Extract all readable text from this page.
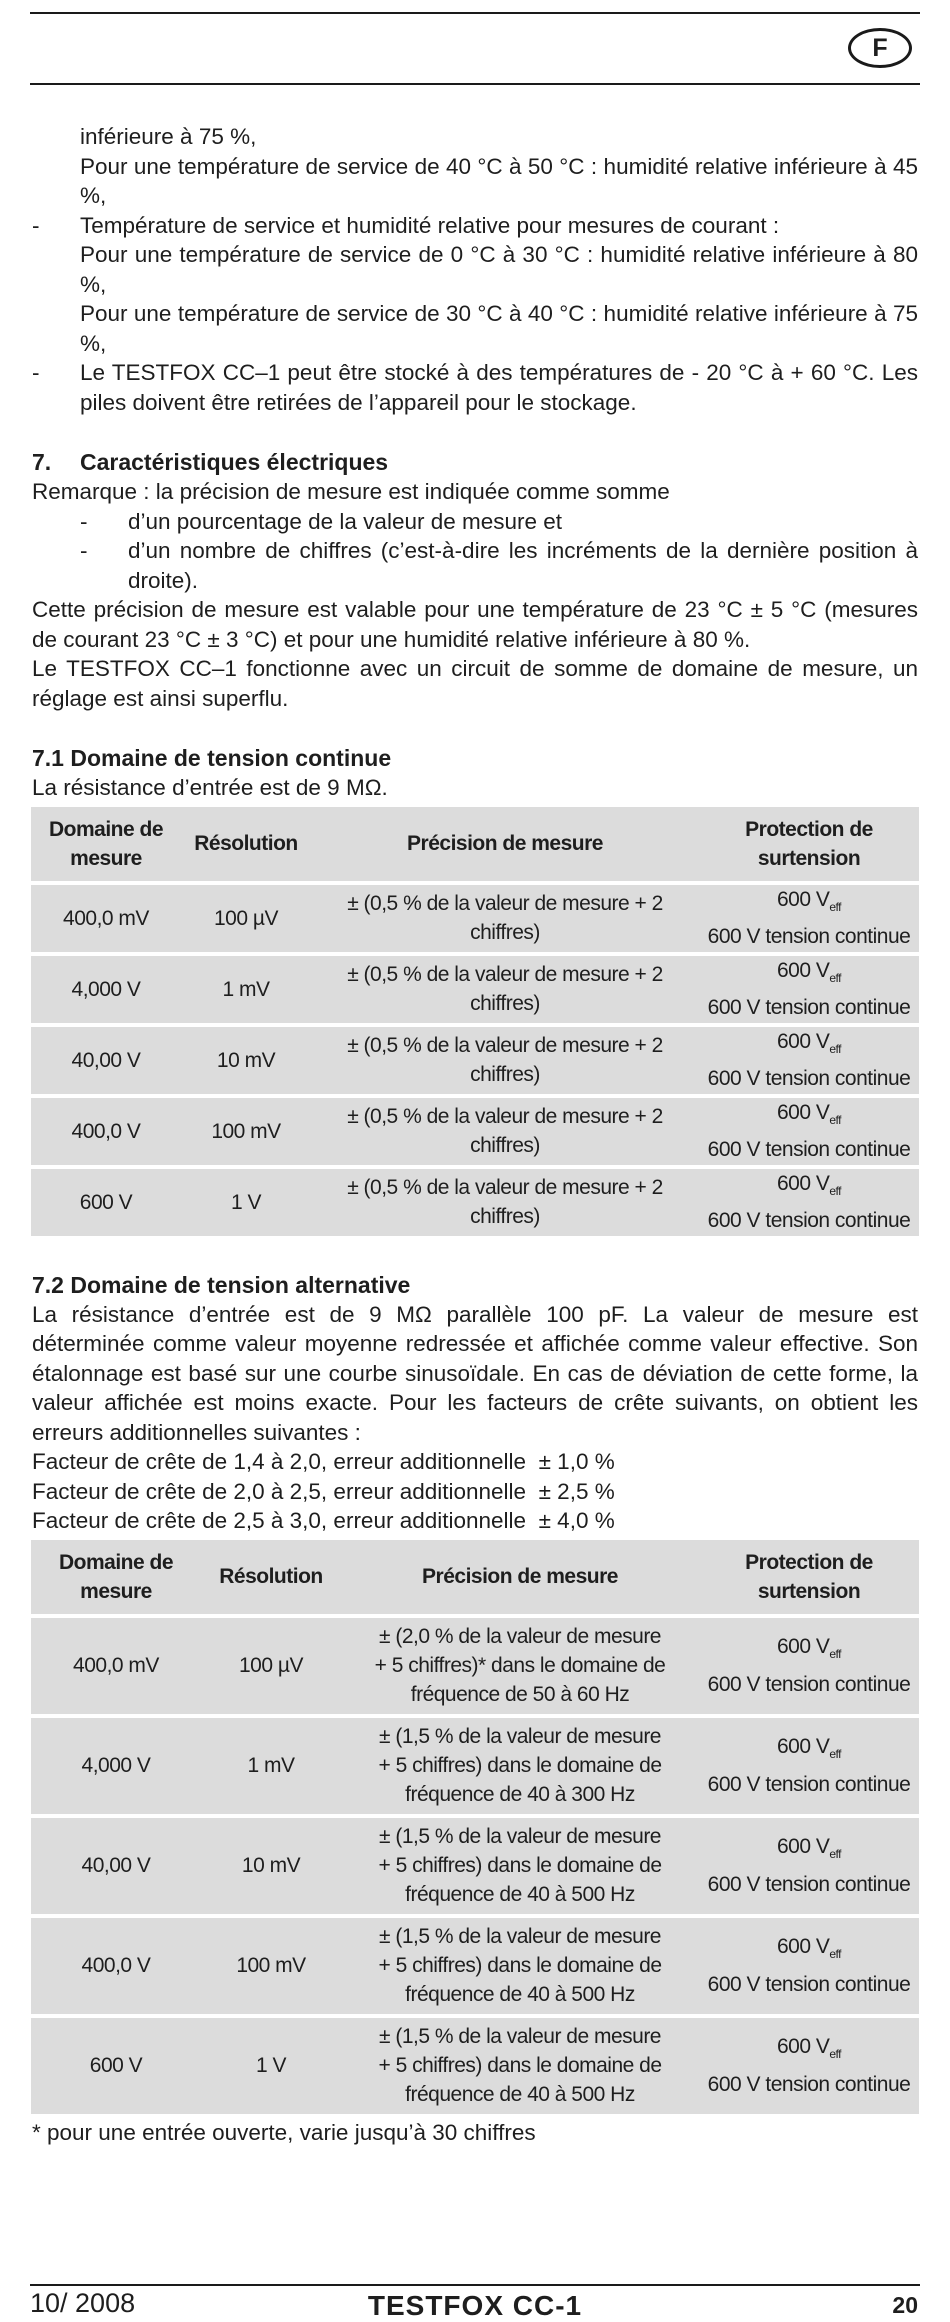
F

inférieure à 75 %,

Pour une température de service de 40 °C à 50 °C : humidité relative inférieure à 45 %,

- Température de service et humidité relative pour mesures de courant :

Pour une température de service de 0 °C à 30 °C : humidité relative inférieure à 80 %,

Pour une température de service de 30 °C à 40 °C : humidité relative inférieure à 75 %,

- Le TESTFOX CC–1 peut être stocké à des températures de - 20 °C à + 60 °C. Les piles doivent être retirées de l’appareil pour le stockage.

7. Caractéristiques électriques

Remarque : la précision de mesure est indiquée comme somme

- d’un pourcentage de la valeur de mesure et

- d’un nombre de chiffres (c’est-à-dire les incréments de la dernière position à droite).

Cette précision de mesure est valable pour une température de 23 °C ± 5 °C (mesures de courant 23 °C ± 3 °C) et pour une humidité relative inférieure à 80 %.

Le TESTFOX CC–1 fonctionne avec un circuit de somme de domaine de mesure, un réglage est ainsi superflu.

7.1 Domaine de tension continue

La résistance d’entrée est de 9 MΩ.

Domaine de mesure	Résolution	Précision de mesure	Protection de surtension
400,0 mV	100 µV	± (0,5 % de la valeur de mesure + 2 chiffres)	600 $V_{eff}$
600 V tension continue
4,000 V	1 mV	± (0,5 % de la valeur de mesure + 2 chiffres)	600 $V_{eff}$
600 V tension continue
40,00 V	10 mV	± (0,5 % de la valeur de mesure + 2 chiffres)	600 $V_{eff}$
600 V tension continue
400,0 V	100 mV	± (0,5 % de la valeur de mesure + 2 chiffres)	600 $V_{eff}$
600 V tension continue
600 V	1 V	± (0,5 % de la valeur de mesure + 2 chiffres)	600 $V_{eff}$
600 V tension continue

7.2 Domaine de tension alternative

La résistance d’entrée est de 9 MΩ parallèle 100 pF. La valeur de mesure est déterminée comme valeur moyenne redressée et affichée comme valeur effective. Son étalonnage est basé sur une courbe sinusoïdale. En cas de déviation de cette forme, la valeur affichée est moins exacte. Pour les facteurs de crête suivants, on obtient les erreurs additionnelles suivantes :

Facteur de crête de 1,4 à 2,0, erreur additionnelle ± 1,0 %

Facteur de crête de 2,0 à 2,5, erreur additionnelle ± 2,5 %

Facteur de crête de 2,5 à 3,0, erreur additionnelle ± 4,0 %

Domaine de mesure	Résolution	Précision de mesure	Protection de surtension
400,0 mV	100 µV	± (2,0 % de la valeur de mesure
+ 5 chiffres)* dans le domaine de
fréquence de 50 à 60 Hz	600 $V_{eff}$
600 V tension continue
4,000 V	1 mV	± (1,5 % de la valeur de mesure
+ 5 chiffres) dans le domaine de
fréquence de 40 à 300 Hz	600 $V_{eff}$
600 V tension continue
40,00 V	10 mV	± (1,5 % de la valeur de mesure
+ 5 chiffres) dans le domaine de
fréquence de 40 à 500 Hz	600 $V_{eff}$
600 V tension continue
400,0 V	100 mV	± (1,5 % de la valeur de mesure
+ 5 chiffres) dans le domaine de
fréquence de 40 à 500 Hz	600 $V_{eff}$
600 V tension continue
600 V	1 V	± (1,5 % de la valeur de mesure
+ 5 chiffres) dans le domaine de
fréquence de 40 à 500 Hz	600 $V_{eff}$
600 V tension continue

* pour une entrée ouverte, varie jusqu’à 30 chiffres

10/ 2008	TESTFOX CC-1	20
